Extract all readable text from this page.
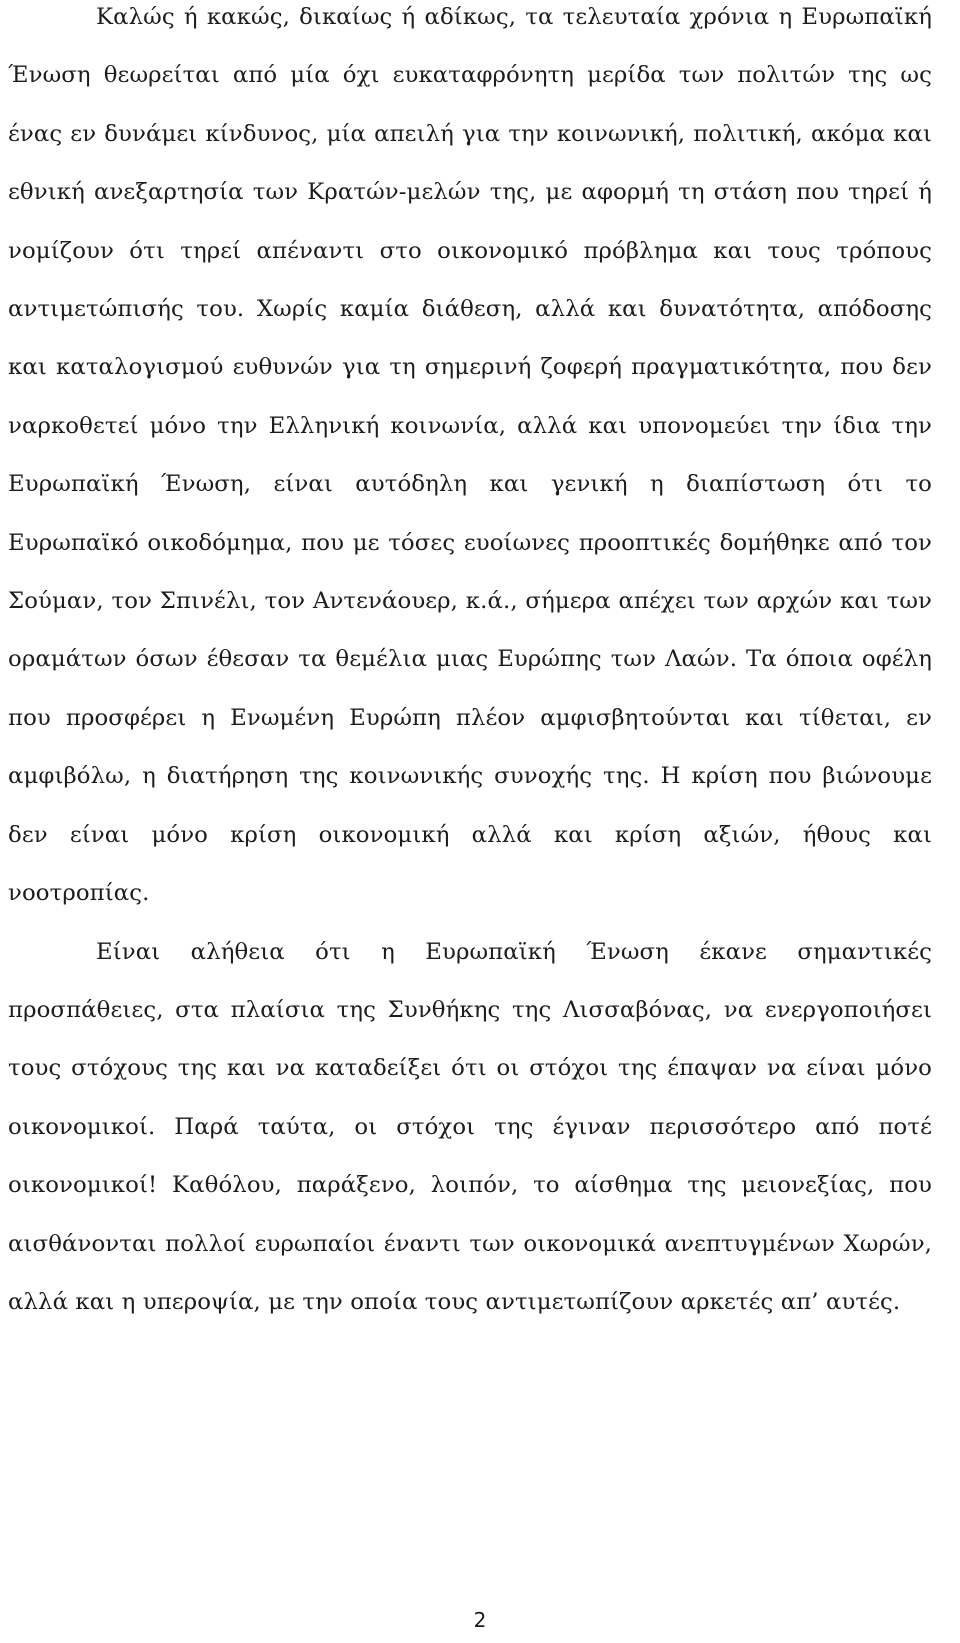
Καλώς ή κακώς, δικαίως ή αδίκως, τα τελευταία χρόνια η Ευρωπαϊκή Ένωση θεωρείται από μία όχι ευκαταφρόνητη μερίδα των πολιτών της ως ένας εν δυνάμει κίνδυνος, μία απειλή για την κοινωνική, πολιτική, ακόμα και εθνική ανεξαρτησία των Κρατών-μελών της, με αφορμή τη στάση που τηρεί ή νομίζουν ότι τηρεί απέναντι στο οικονομικό πρόβλημα και τους τρόπους αντιμετώπισής του. Χωρίς καμία διάθεση, αλλά και δυνατότητα, απόδοσης και καταλογισμού ευθυνών για τη σημερινή ζοφερή πραγματικότητα, που δεν ναρκοθετεί μόνο την Ελληνική κοινωνία, αλλά και υπονομεύει την ίδια την Ευρωπαϊκή Ένωση, είναι αυτόδηλη και γενική η διαπίστωση ότι το Ευρωπαϊκό οικοδόμημα, που με τόσες ευοίωνες προοπτικές δομήθηκε από τον Σούμαν, τον Σπινέλι, τον Αντενάουερ, κ.ά., σήμερα απέχει των αρχών και των οραμάτων όσων έθεσαν τα θεμέλια μιας Ευρώπης των Λαών. Τα όποια οφέλη που προσφέρει η Ενωμένη Ευρώπη πλέον αμφισβητούνται και τίθεται, εν αμφιβόλω, η διατήρηση της κοινωνικής συνοχής της. Η κρίση που βιώνουμε δεν είναι μόνο κρίση οικονομική αλλά και κρίση αξιών, ήθους και νοοτροπίας.

Είναι αλήθεια ότι η Ευρωπαϊκή Ένωση έκανε σημαντικές προσπάθειες, στα πλαίσια της Συνθήκης της Λισσαβόνας, να ενεργοποιήσει τους στόχους της και να καταδείξει ότι οι στόχοι της έπαψαν να είναι μόνο οικονομικοί. Παρά ταύτα, οι στόχοι της έγιναν περισσότερο από ποτέ οικονομικοί! Καθόλου, παράξενο, λοιπόν, το αίσθημα της μειονεξίας, που αισθάνονται πολλοί ευρωπαίοι έναντι των οικονομικά ανεπτυγμένων Χωρών, αλλά και η υπεροψία, με την οποία τους αντιμετωπίζουν αρκετές απ’ αυτές.

2
